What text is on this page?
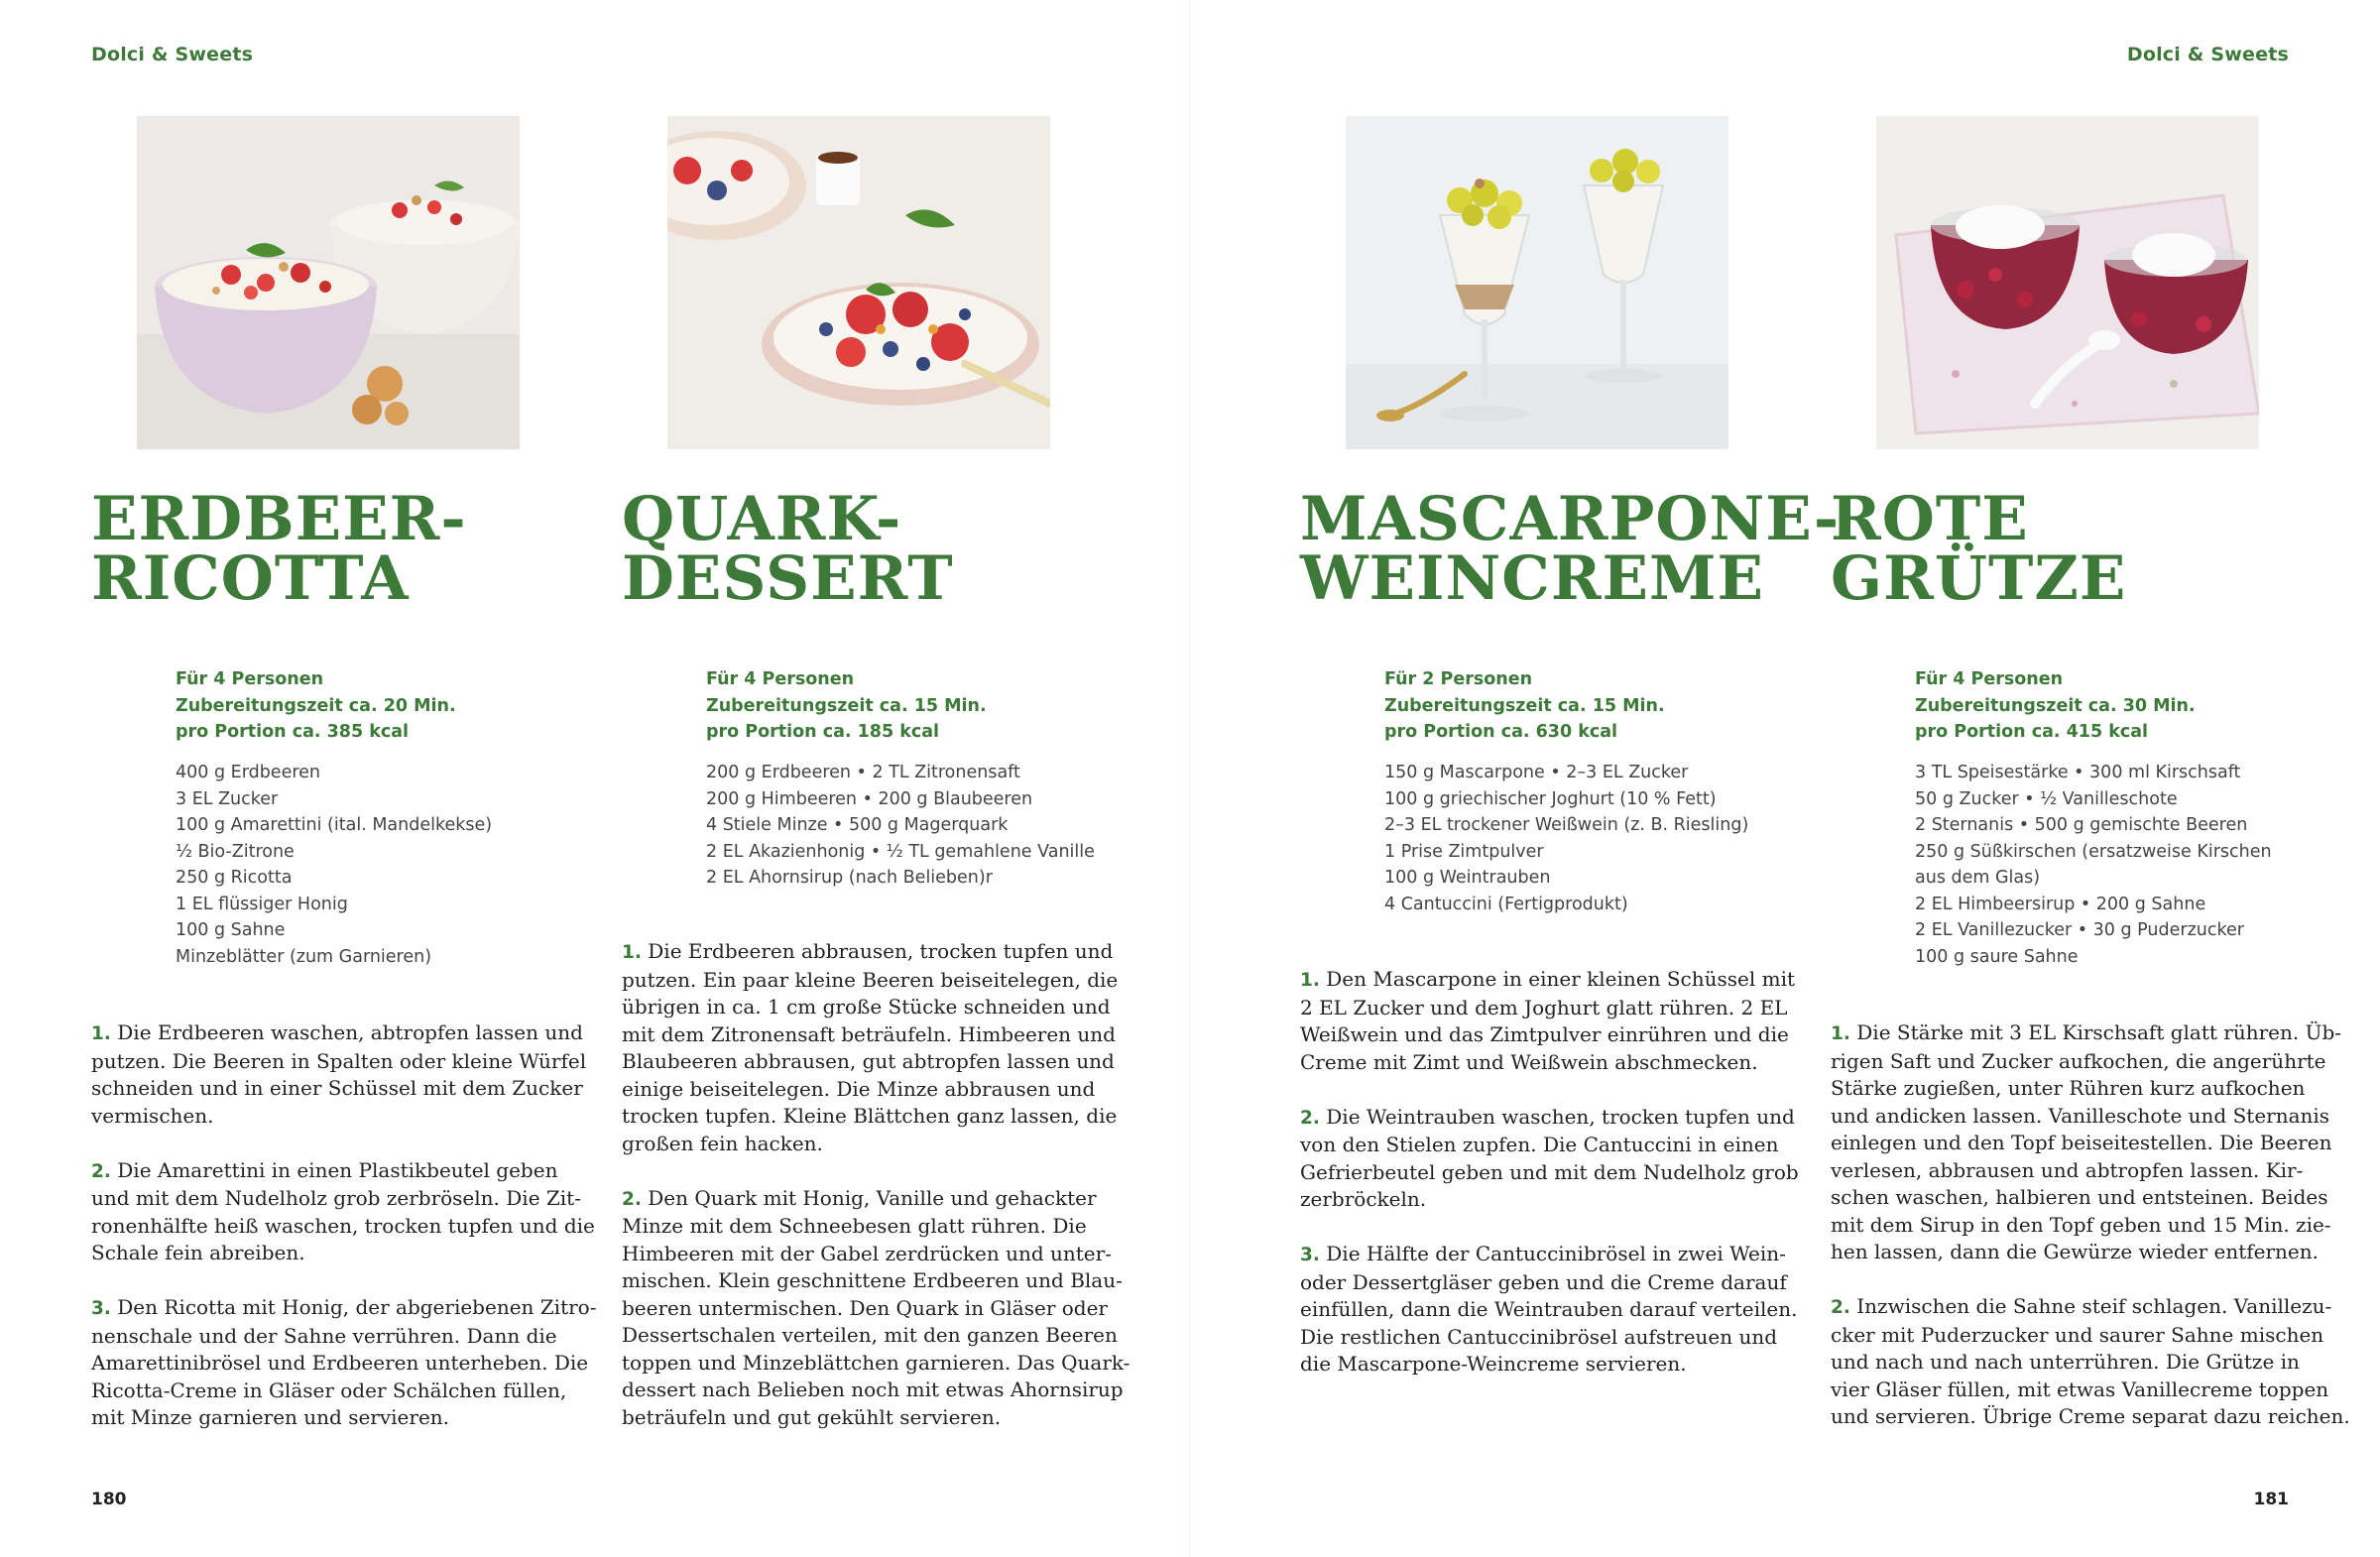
Dolci & Sweets
180
ERDBEER-
RICOTTA
Für 4 Personen
Zubereitungszeit ca. 20 Min.
pro Portion ca. 385 kcal
400 g Erdbeeren
3 EL Zucker
100 g Amarettini (ital. Mandelkekse)
½ Bio-Zitrone
250 g Ricotta
1 EL flüssiger Honig
100 g Sahne
Minzeblätter (zum Garnieren)
1. Die Erdbeeren waschen, abtropfen lassen und
putzen. Die Beeren in Spalten oder kleine Würfel
schneiden und in einer Schüssel mit dem Zucker
vermischen.
2. Die Amarettini in einen Plastikbeutel geben
und mit dem Nudelholz grob zerbröseln. Die Zit-
ronenhälfte heiß waschen, trocken tupfen und die
Schale fein abreiben.
3. Den Ricotta mit Honig, der abgeriebenen Zitro-
nenschale und der Sahne verrühren. Dann die
Amarettinibrösel und Erdbeeren unterheben. Die
Ricotta-Creme in Gläser oder Schälchen füllen,
mit Minze garnieren und servieren.
QUARK-
DESSERT
Für 4 Personen
Zubereitungszeit ca. 15 Min.
pro Portion ca. 185 kcal
200 g Erdbeeren • 2 TL Zitronensaft
200 g Himbeeren • 200 g Blaubeeren
4 Stiele Minze • 500 g Magerquark
2 EL Akazienhonig • ½ TL gemahlene Vanille
2 EL Ahornsirup (nach Belieben)r
1. Die Erdbeeren abbrausen, trocken tupfen und
putzen. Ein paar kleine Beeren beiseitelegen, die
übrigen in ca. 1 cm große Stücke schneiden und
mit dem Zitronensaft beträufeln. Himbeeren und
Blaubeeren abbrausen, gut abtropfen lassen und
einige beiseitelegen. Die Minze abbrausen und
trocken tupfen. Kleine Blättchen ganz lassen, die
großen fein hacken.
2. Den Quark mit Honig, Vanille und gehackter
Minze mit dem Schneebesen glatt rühren. Die
Himbeeren mit der Gabel zerdrücken und unter-
mischen. Klein geschnittene Erdbeeren und Blau-
beeren untermischen. Den Quark in Gläser oder
Dessertschalen verteilen, mit den ganzen Beeren
toppen und Minzeblättchen garnieren. Das Quark-
dessert nach Belieben noch mit etwas Ahornsirup
beträufeln und gut gekühlt servieren.
Dolci & Sweets
181
MASCARPONE-
WEINCREME
Für 2 Personen
Zubereitungszeit ca. 15 Min.
pro Portion ca. 630 kcal
150 g Mascarpone • 2–3 EL Zucker
100 g griechischer Joghurt (10 % Fett)
2–3 EL trockener Weißwein (z. B. Riesling)
1 Prise Zimtpulver
100 g Weintrauben
4 Cantuccini (Fertigprodukt)
1. Den Mascarpone in einer kleinen Schüssel mit
2 EL Zucker und dem Joghurt glatt rühren. 2 EL
Weißwein und das Zimtpulver einrühren und die
Creme mit Zimt und Weißwein abschmecken.
2. Die Weintrauben waschen, trocken tupfen und
von den Stielen zupfen. Die Cantuccini in einen
Gefrierbeutel geben und mit dem Nudelholz grob
zerbröckeln.
3. Die Hälfte der Cantuccinibrösel in zwei Wein-
oder Dessertgläser geben und die Creme darauf
einfüllen, dann die Weintrauben darauf verteilen.
Die restlichen Cantuccinibrösel aufstreuen und
die Mascarpone-Weincreme servieren.
ROTE
GRÜTZE
Für 4 Personen
Zubereitungszeit ca. 30 Min.
pro Portion ca. 415 kcal
3 TL Speisestärke • 300 ml Kirschsaft
50 g Zucker • ½ Vanilleschote
2 Sternanis • 500 g gemischte Beeren
250 g Süßkirschen (ersatzweise Kirschen
aus dem Glas)
2 EL Himbeersirup • 200 g Sahne
2 EL Vanillezucker • 30 g Puderzucker
100 g saure Sahne
1. Die Stärke mit 3 EL Kirschsaft glatt rühren. Üb-
rigen Saft und Zucker aufkochen, die angerührte
Stärke zugießen, unter Rühren kurz aufkochen
und andicken lassen. Vanilleschote und Sternanis
einlegen und den Topf beiseitestellen. Die Beeren
verlesen, abbrausen und abtropfen lassen. Kir-
schen waschen, halbieren und entsteinen. Beides
mit dem Sirup in den Topf geben und 15 Min. zie-
hen lassen, dann die Gewürze wieder entfernen.
2. Inzwischen die Sahne steif schlagen. Vanillezu-
cker mit Puderzucker und saurer Sahne mischen
und nach und nach unterrühren. Die Grütze in
vier Gläser füllen, mit etwas Vanillecreme toppen
und servieren. Übrige Creme separat dazu reichen.
